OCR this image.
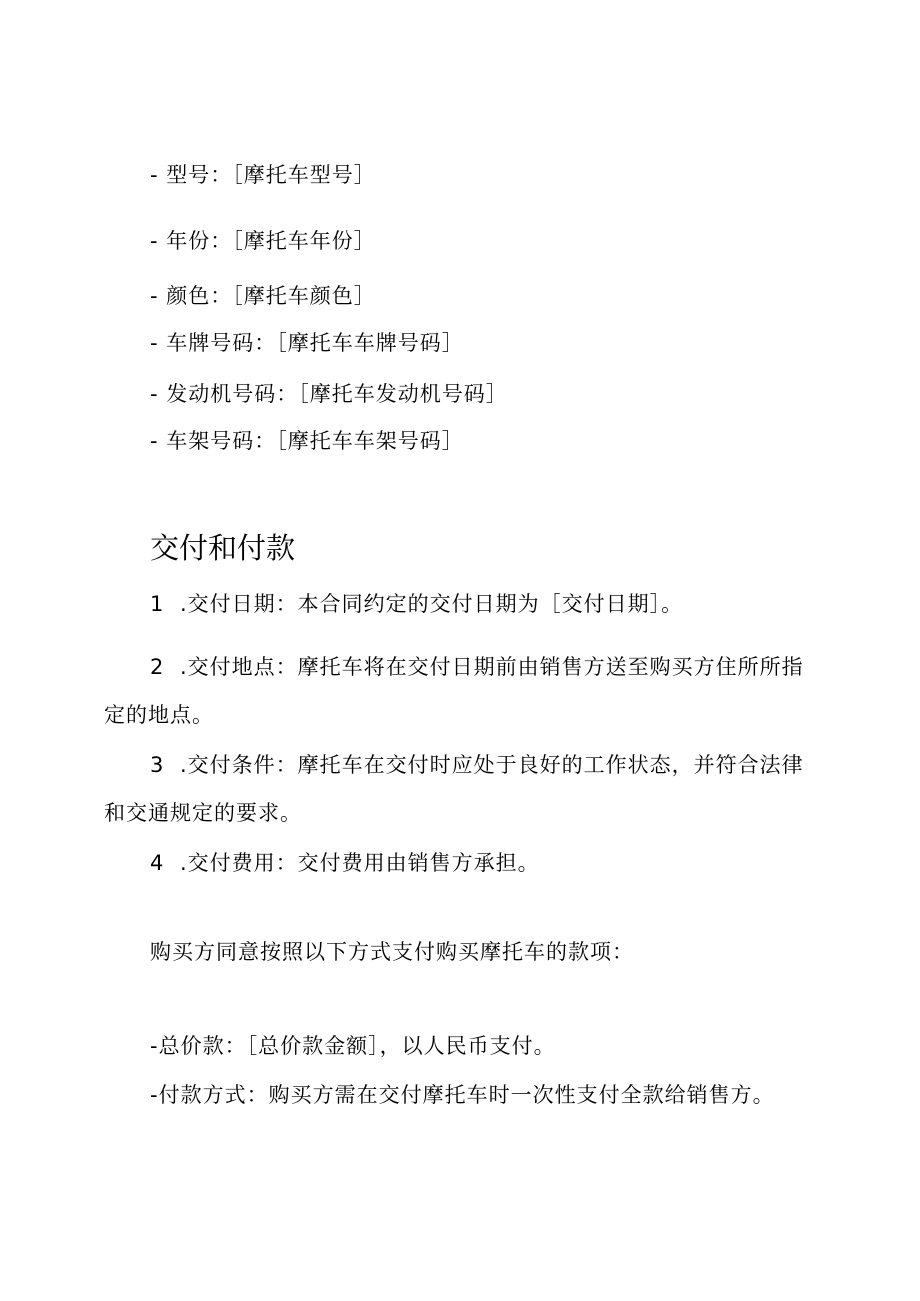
- 型号：［摩托车型号］
- 年份：［摩托车年份］
- 颜色：［摩托车颜色］
- 车牌号码：［摩托车车牌号码］
- 发动机号码：［摩托车发动机号码］
- 车架号码：［摩托车车架号码］
交付和付款
1 .交付日期：本合同约定的交付日期为［交付日期］。
2 .交付地点：摩托车将在交付日期前由销售方送至购买方住所所指定的地点。
3 .交付条件：摩托车在交付时应处于良好的工作状态，并符合法律和交通规定的要求。
4 .交付费用：交付费用由销售方承担。
购买方同意按照以下方式支付购买摩托车的款项：
-总价款：［总价款金额］，以人民币支付。
-付款方式：购买方需在交付摩托车时一次性支付全款给销售方。
